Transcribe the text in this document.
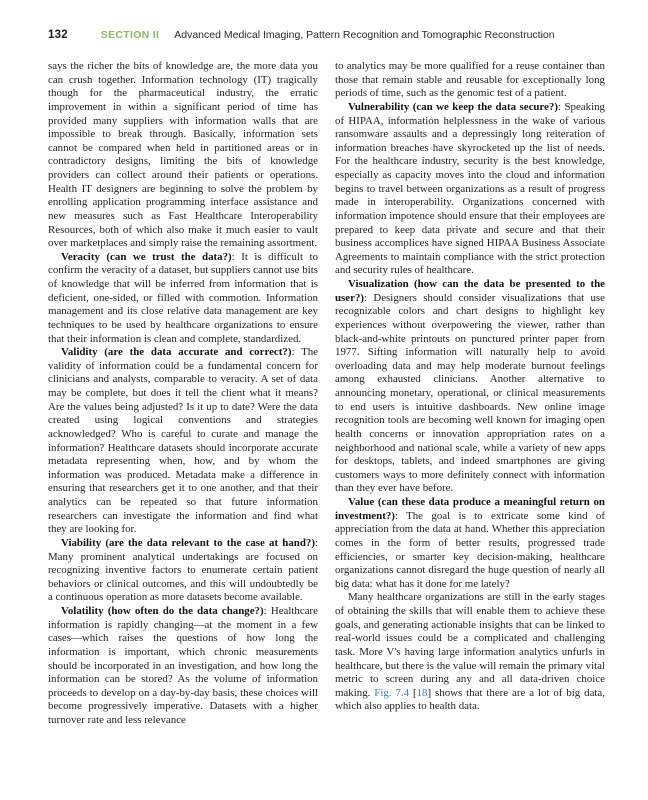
132	SECTION II Advanced Medical Imaging, Pattern Recognition and Tomographic Reconstruction

says the richer the bits of knowledge are, the more data you can crush together. Information technology (IT) tragically though for the pharmaceutical industry, the erratic improvement in within a significant period of time has provided many suppliers with information walls that are impossible to break through. Basically, information sets cannot be compared when held in partitioned areas or in contradictory designs, limiting the bits of knowledge providers can collect around their patients or operations. Health IT designers are beginning to solve the problem by enrolling application programming interface assistance and new measures such as Fast Healthcare Interoperability Resources, both of which also make it much easier to vault over marketplaces and simply raise the remaining assortment.

Veracity (can we trust the data?): It is difficult to confirm the veracity of a dataset, but suppliers cannot use bits of knowledge that will be inferred from information that is deficient, one-sided, or filled with commotion. Information management and its close relative data management are key techniques to be used by healthcare organizations to ensure that their information is clean and complete, standardized.

Validity (are the data accurate and correct?): The validity of information could be a fundamental concern for clinicians and analysts, comparable to veracity. A set of data may be complete, but does it tell the client what it means? Are the values being adjusted? Is it up to date? Were the data created using logical conventions and strategies acknowledged? Who is careful to curate and manage the information? Healthcare datasets should incorporate accurate metadata representing when, how, and by whom the information was produced. Metadata make a difference in ensuring that researchers get it to one another, and that their analytics can be repeated so that future information researchers can investigate the information and find what they are looking for.

Viability (are the data relevant to the case at hand?): Many prominent analytical undertakings are focused on recognizing inventive factors to enumerate certain patient behaviors or clinical outcomes, and this will undoubtedly be a continuous operation as more datasets become available.

Volatility (how often do the data change?): Healthcare information is rapidly changing—at the moment in a few cases—which raises the questions of how long the information is important, which chronic measurements should be incorporated in an investigation, and how long the information can be stored? As the volume of information proceeds to develop on a day-by-day basis, these choices will become progressively imperative. Datasets with a higher turnover rate and less relevance

to analytics may be more qualified for a reuse container than those that remain stable and reusable for exceptionally long periods of time, such as the genomic test of a patient.

Vulnerability (can we keep the data secure?): Speaking of HIPAA, information helplessness in the wake of various ransomware assaults and a depressingly long reiteration of information breaches have skyrocketed up the list of needs. For the healthcare industry, security is the best knowledge, especially as capacity moves into the cloud and information begins to travel between organizations as a result of progress made in interoperability. Organizations concerned with information impotence should ensure that their employees are prepared to keep data private and secure and that their business accomplices have signed HIPAA Business Associate Agreements to maintain compliance with the strict protection and security rules of healthcare.

Visualization (how can the data be presented to the user?): Designers should consider visualizations that use recognizable colors and chart designs to highlight key experiences without overpowering the viewer, rather than black-and-white printouts on punctured printer paper from 1977. Sifting information will naturally help to avoid overloading data and may help moderate burnout feelings among exhausted clinicians. Another alternative to announcing monetary, operational, or clinical measurements to end users is intuitive dashboards. New online image recognition tools are becoming well known for imaging open health concerns or innovation appropriation rates on a neighborhood and national scale, while a variety of new apps for desktops, tablets, and indeed smartphones are giving customers ways to more definitely connect with information than they ever have before.

Value (can these data produce a meaningful return on investment?): The goal is to extricate some kind of appreciation from the data at hand. Whether this appreciation comes in the form of better results, progressed trade efficiencies, or smarter key decision-making, healthcare organizations cannot disregard the huge question of nearly all big data: what has it done for me lately?

Many healthcare organizations are still in the early stages of obtaining the skills that will enable them to achieve these goals, and generating actionable insights that can be linked to real-world issues could be a complicated and challenging task. More V's having large information analytics unfurls in healthcare, but there is the value will remain the primary vital metric to screen during any and all data-driven choice making. Fig. 7.4 [18] shows that there are a lot of big data, which also applies to health data.
